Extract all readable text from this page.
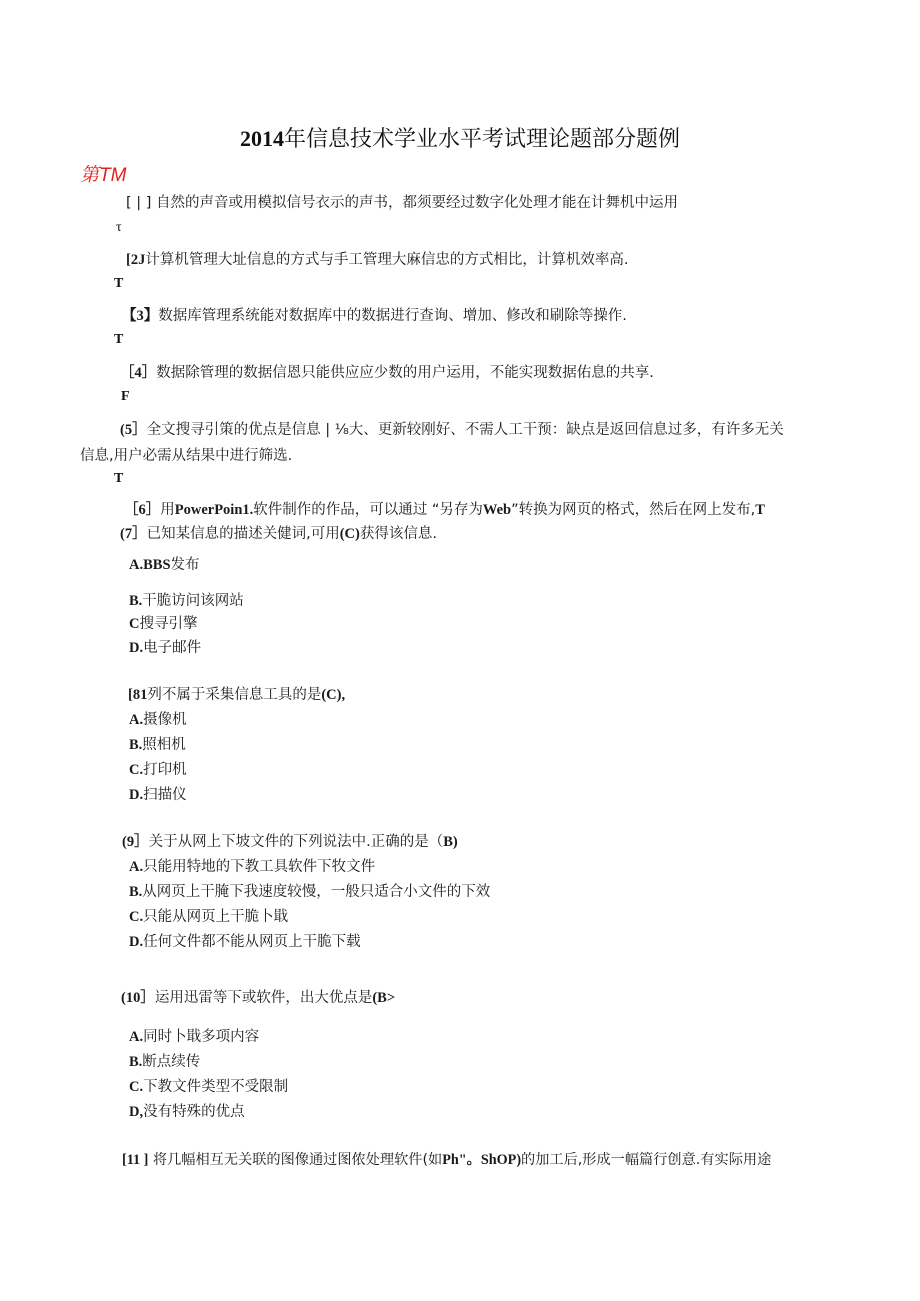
2014年信息技术学业水平考试理论题部分题例
第TM
[ | ] 自然的声音或用模拟信号衣示的声书，都须要经过数字化处理才能在计舞机中运用
τ
[2J计算机管理大址信息的方式与手工管理大麻信忠的方式相比，计算机效率高.
T
【3】数据库管理系统能对数据库中的数据进行查询、增加、修改和刷除等操作.
T
［4］数据除管理的数据信恩只能供应应少数的用户运用，不能实现数据佑息的共享.
F
(5］全文搜寻引策的优点是信息 | ⅛大、更新较刚好、不需人工干预：缺点是返回信息过多，有许多无关
信息,用户必需从结果中进行筛选.
T
［6］用PowerPoin1.软件制作的作品，可以通过 “另存为Web”转换为网页的格式，然后在网上发布,T
(7］已知某信息的描述关健词,可用(C)获得该信息.
A.BBS发布
B.干脆访问该网站
C搜寻引擎
D.电子邮件
[81列不属于采集信息工具的是(C),
A.摄像机
B.照相机
C.打印机
D.扫描仪
(9］关于从网上下坡文件的下列说法中.正确的是（B)
A.只能用特地的下教工具软件下牧文件
B.从网页上干腌下我速度较慢，一般只适合小文件的下效
C.只能从网页上干脆卜戢
D.任何文件都不能从网页上干脆下载
(10］运用迅雷等下或软件，出大优点是(B>
A.同时卜戢多项内容
B.断点续传
C.下教文件类型不受限制
D,没有特殊的优点
[11 ] 将几幅相互无关联的图像通过图侬处理软件(如Ph"。ShOP)的加工后,形成一幅篇行创意.有实际用途
